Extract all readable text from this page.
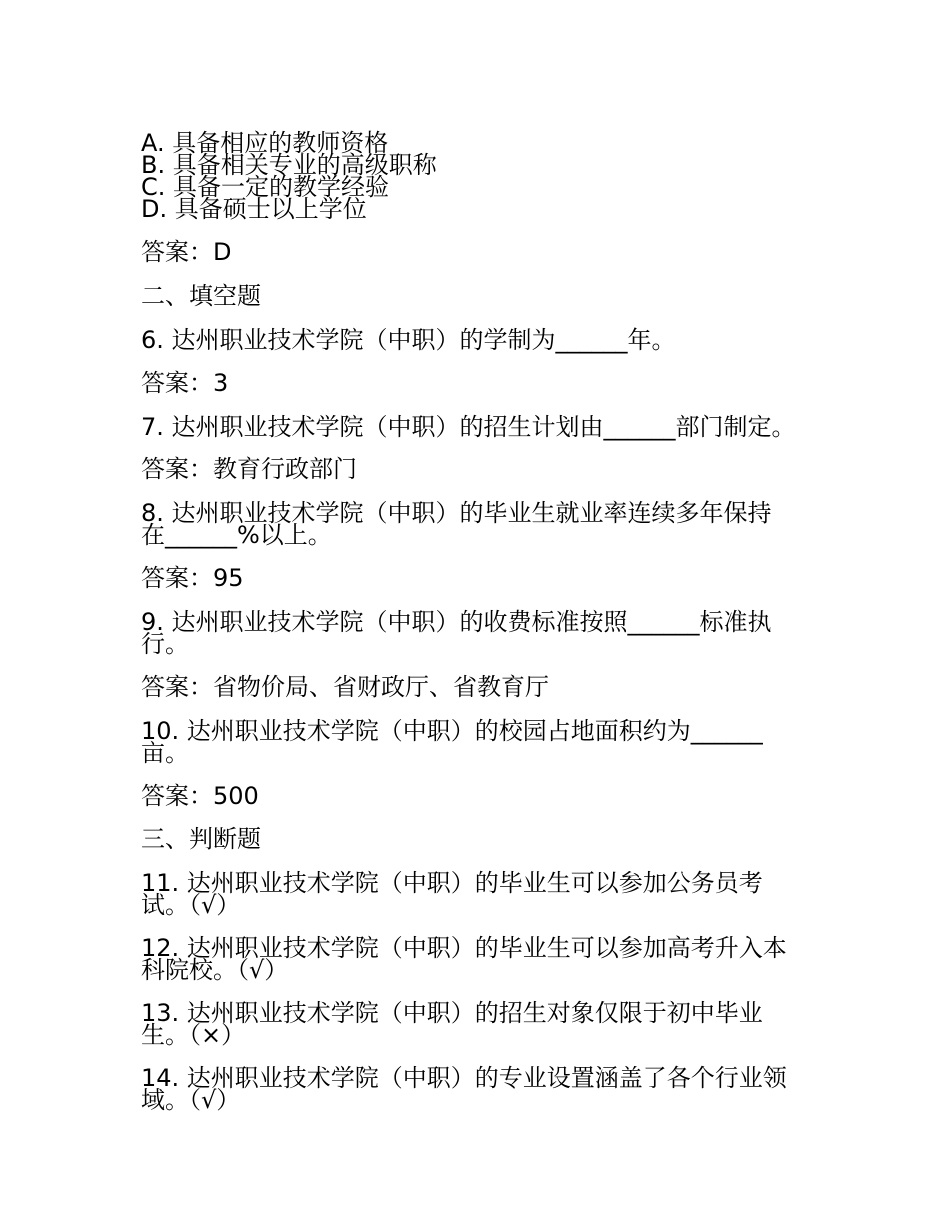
A. 具备相应的教师资格
B. 具备相关专业的高级职称
C. 具备一定的教学经验
D. 具备硕士以上学位
答案：D
二、填空题
6. 达州职业技术学院（中职）的学制为______年。
答案：3
7. 达州职业技术学院（中职）的招生计划由______部门制定。
答案：教育行政部门
8. 达州职业技术学院（中职）的毕业生就业率连续多年保持
在______%以上。
答案：95
9. 达州职业技术学院（中职）的收费标准按照______标准执
行。
答案：省物价局、省财政厅、省教育厅
10. 达州职业技术学院（中职）的校园占地面积约为______
亩。
答案：500
三、判断题
11. 达州职业技术学院（中职）的毕业生可以参加公务员考
试。（√）
12. 达州职业技术学院（中职）的毕业生可以参加高考升入本
科院校。（√）
13. 达州职业技术学院（中职）的招生对象仅限于初中毕业
生。（×）
14. 达州职业技术学院（中职）的专业设置涵盖了各个行业领
域。（√）
